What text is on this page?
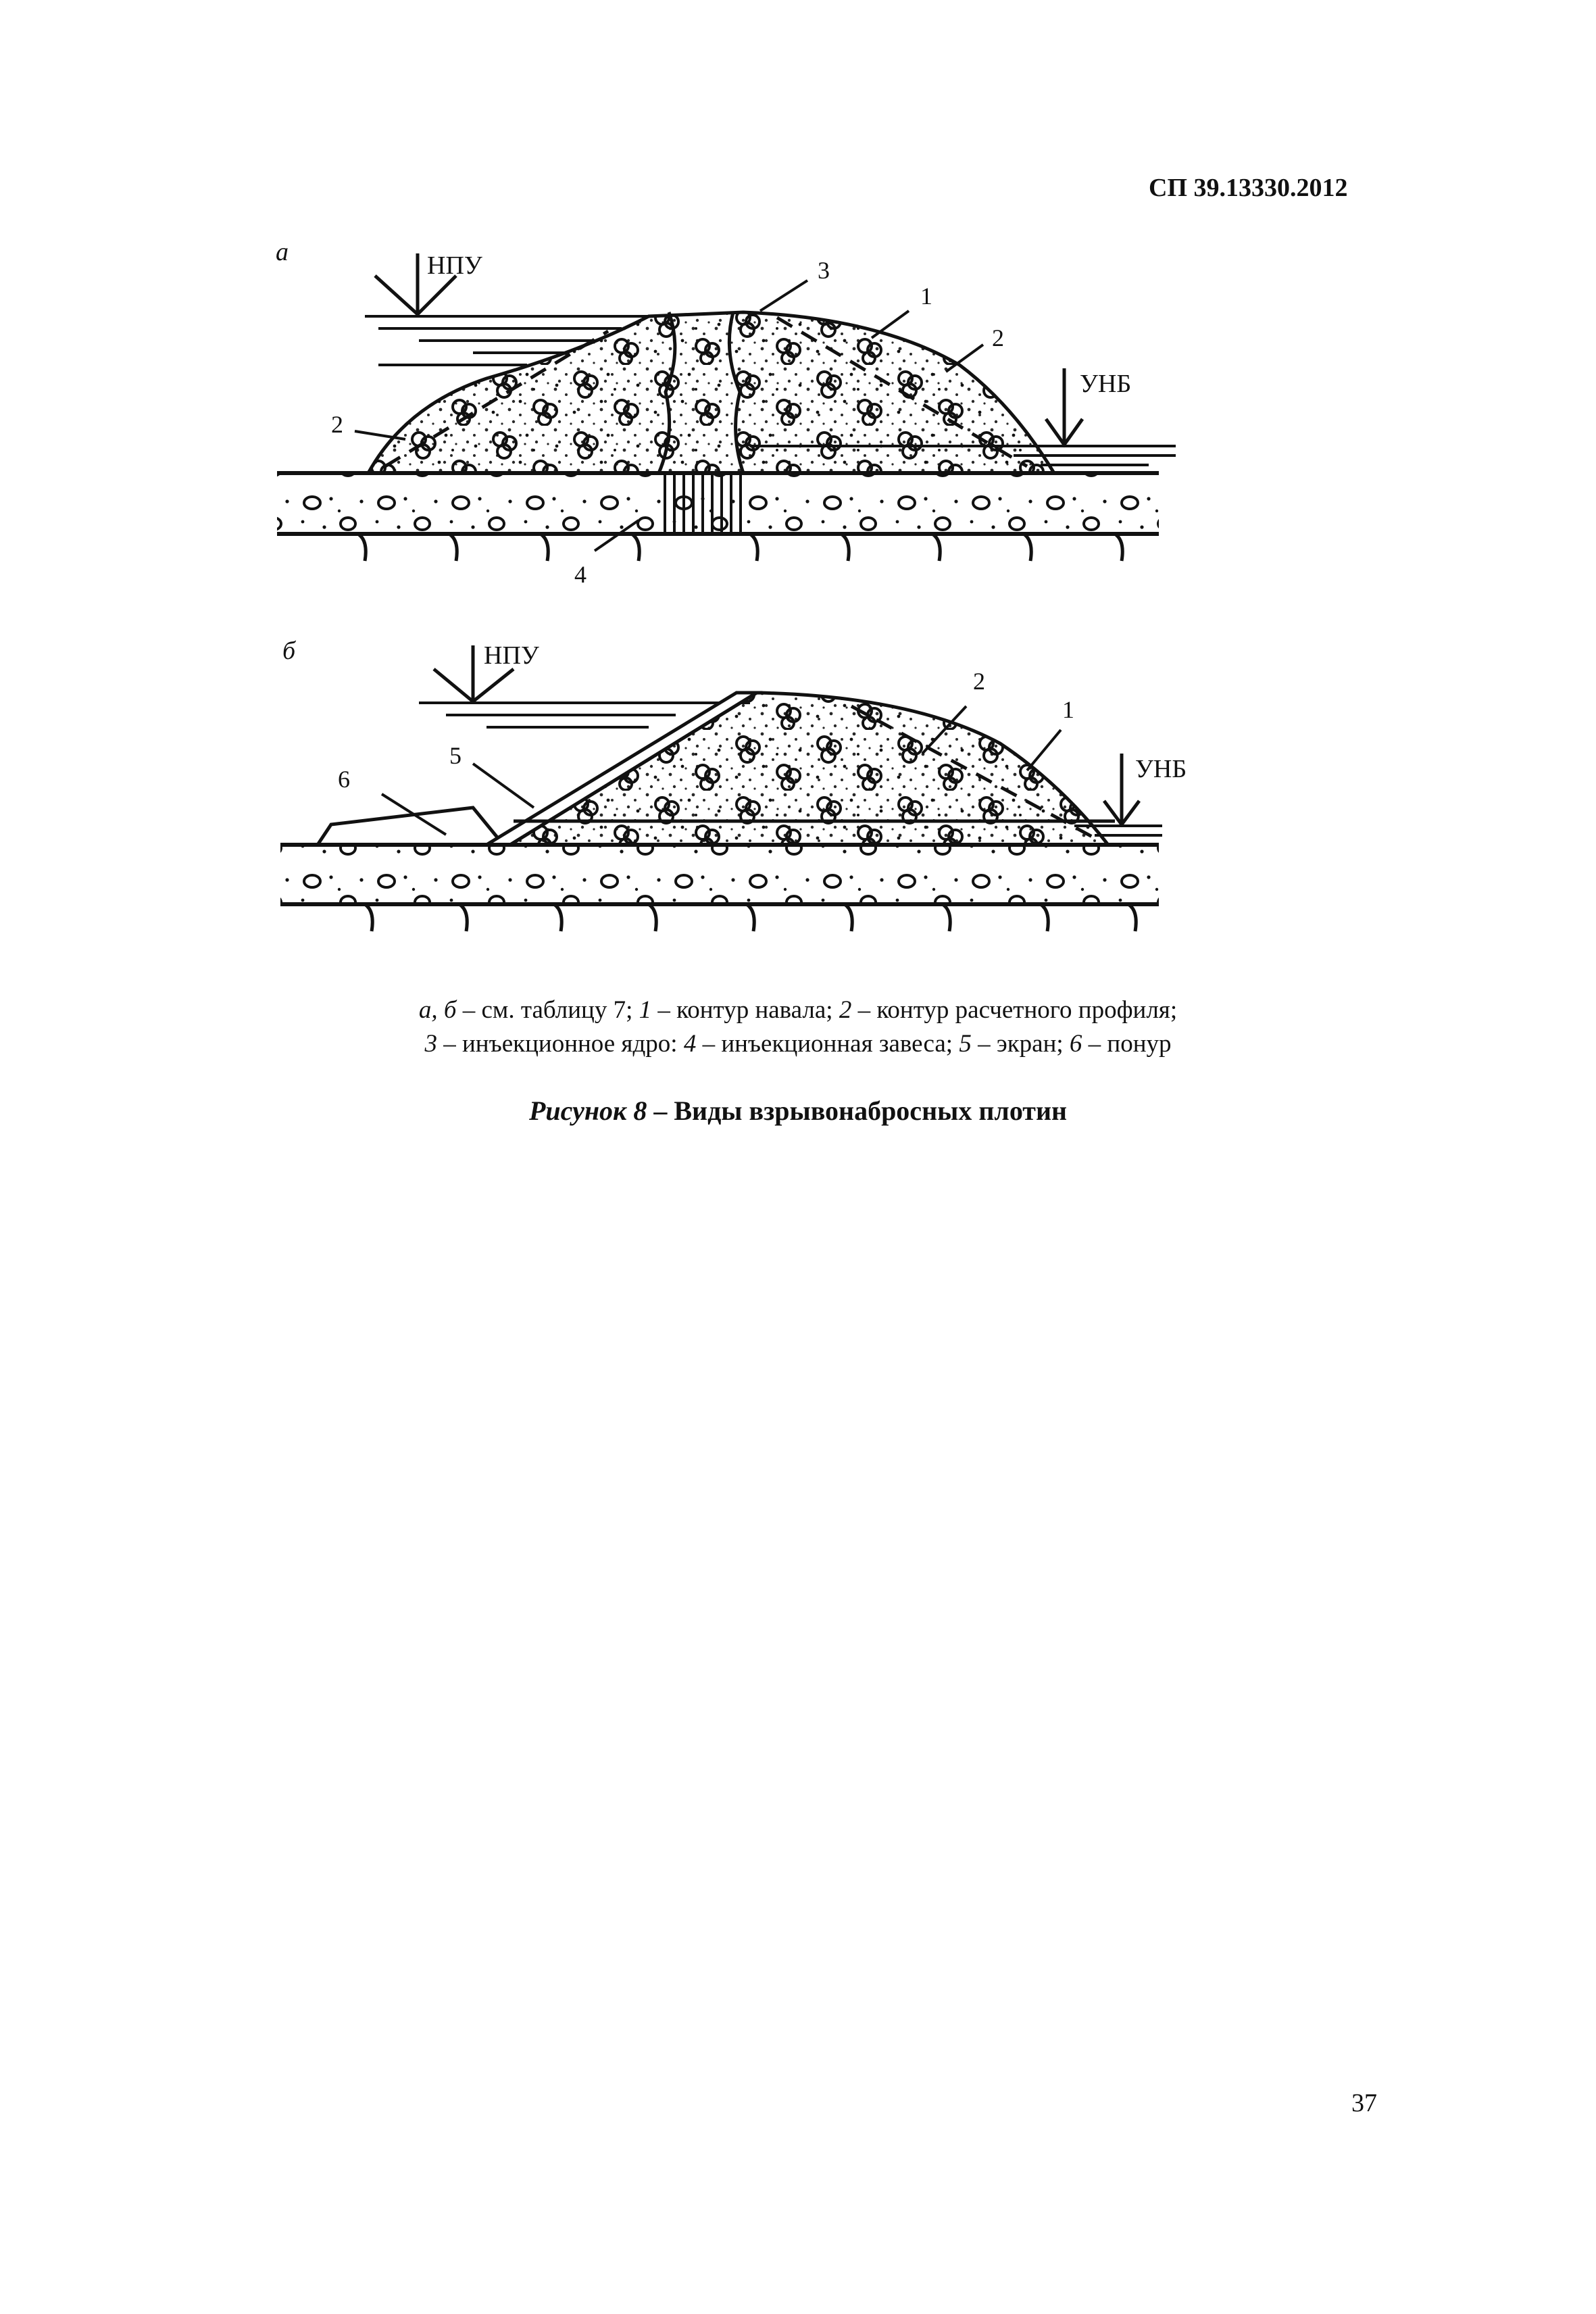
СП 39.13330.2012
а	НПУ
УНБ
3
1
2
2
4
б	НПУ
УНБ
6
5
2
1
а, б – см. таблицу 7; 1 – контур навала; 2 – контур расчетного профиля;
3 – инъекционное ядро: 4 – инъекционная завеса; 5 – экран; 6 – понур
Рисунок 8 – Виды взрывонаброcных плотин
37
